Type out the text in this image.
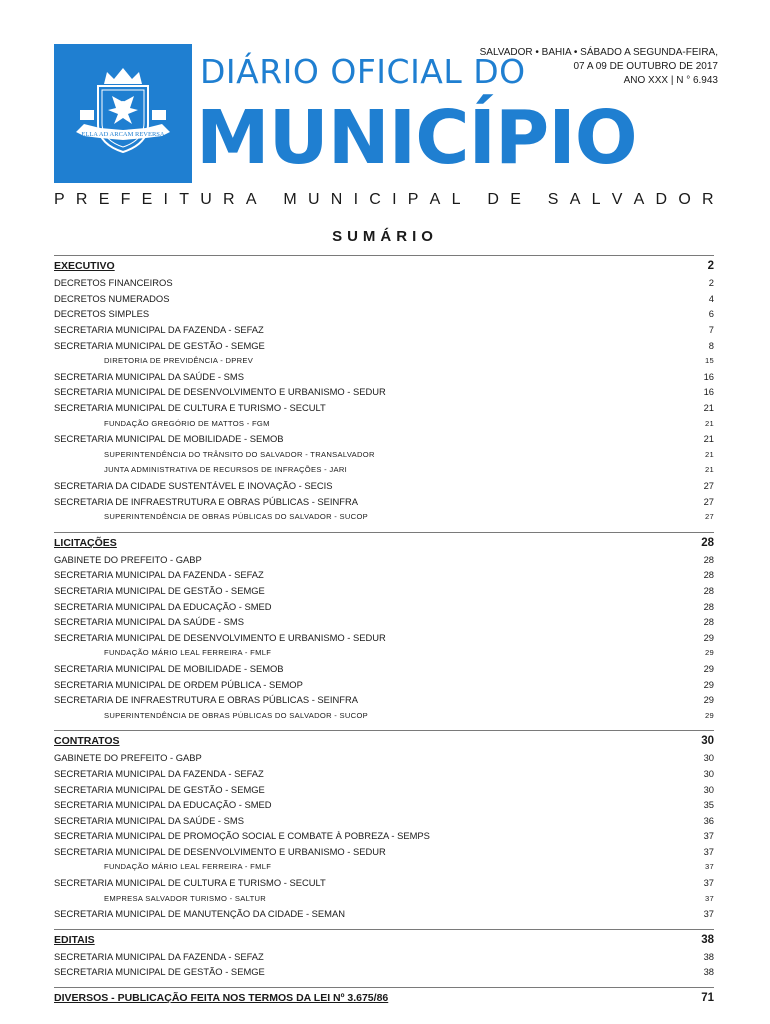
ELLA AD ARCAM REVERSA
DIÁRIO OFICIAL DO
MUNICÍPIO
SALVADOR • BAHIA • SÁBADO A SEGUNDA-FEIRA,
07 A 09 DE OUTUBRO DE 2017
ANO XXX | N ° 6.943
P R E F E I T U R A
M U N I C I P A L
D E
S A L V A D O R
SUMÁRIO
EXECUTIVO	2
DECRETOS FINANCEIROS	2
DECRETOS NUMERADOS	4
DECRETOS SIMPLES	6
SECRETARIA MUNICIPAL DA FAZENDA - SEFAZ	7
SECRETARIA MUNICIPAL DE GESTÃO - SEMGE	8
DIRETORIA DE PREVIDÊNCIA - DPREV	15
SECRETARIA MUNICIPAL DA SAÚDE - SMS	16
SECRETARIA MUNICIPAL DE DESENVOLVIMENTO E URBANISMO - SEDUR	16
SECRETARIA MUNICIPAL DE CULTURA E TURISMO - SECULT	21
FUNDAÇÃO GREGÓRIO DE MATTOS - FGM	21
SECRETARIA MUNICIPAL DE MOBILIDADE - SEMOB	21
SUPERINTENDÊNCIA DO TRÂNSITO DO SALVADOR - TRANSALVADOR	21
JUNTA ADMINISTRATIVA DE RECURSOS DE INFRAÇÕES - JARI	21
SECRETARIA DA CIDADE SUSTENTÁVEL E INOVAÇÃO - SECIS	27
SECRETARIA DE INFRAESTRUTURA E OBRAS PÚBLICAS - SEINFRA	27
SUPERINTENDÊNCIA DE OBRAS PÚBLICAS DO SALVADOR - SUCOP	27
LICITAÇÕES	28
GABINETE DO PREFEITO - GABP	28
SECRETARIA MUNICIPAL DA FAZENDA - SEFAZ	28
SECRETARIA MUNICIPAL DE GESTÃO - SEMGE	28
SECRETARIA MUNICIPAL DA EDUCAÇÃO - SMED	28
SECRETARIA MUNICIPAL DA SAÚDE - SMS	28
SECRETARIA MUNICIPAL DE DESENVOLVIMENTO E URBANISMO - SEDUR	29
FUNDAÇÃO MÁRIO LEAL FERREIRA - FMLF	29
SECRETARIA MUNICIPAL DE MOBILIDADE - SEMOB	29
SECRETARIA MUNICIPAL DE ORDEM PÚBLICA - SEMOP	29
SECRETARIA DE INFRAESTRUTURA E OBRAS PÚBLICAS - SEINFRA	29
SUPERINTENDÊNCIA DE OBRAS PÚBLICAS DO SALVADOR - SUCOP	29
CONTRATOS	30
GABINETE DO PREFEITO - GABP	30
SECRETARIA MUNICIPAL DA FAZENDA - SEFAZ	30
SECRETARIA MUNICIPAL DE GESTÃO - SEMGE	30
SECRETARIA MUNICIPAL DA EDUCAÇÃO - SMED	35
SECRETARIA MUNICIPAL DA SAÚDE - SMS	36
SECRETARIA MUNICIPAL DE PROMOÇÃO SOCIAL E COMBATE À POBREZA - SEMPS	37
SECRETARIA MUNICIPAL DE DESENVOLVIMENTO E URBANISMO - SEDUR	37
FUNDAÇÃO MÁRIO LEAL FERREIRA - FMLF	37
SECRETARIA MUNICIPAL DE CULTURA E TURISMO - SECULT	37
EMPRESA SALVADOR TURISMO - SALTUR	37
SECRETARIA MUNICIPAL DE MANUTENÇÃO DA CIDADE - SEMAN	37
EDITAIS	38
SECRETARIA MUNICIPAL DA FAZENDA - SEFAZ	38
SECRETARIA MUNICIPAL DE GESTÃO - SEMGE	38
DIVERSOS - PUBLICAÇÃO FEITA NOS TERMOS DA LEI Nº 3.675/86	71
